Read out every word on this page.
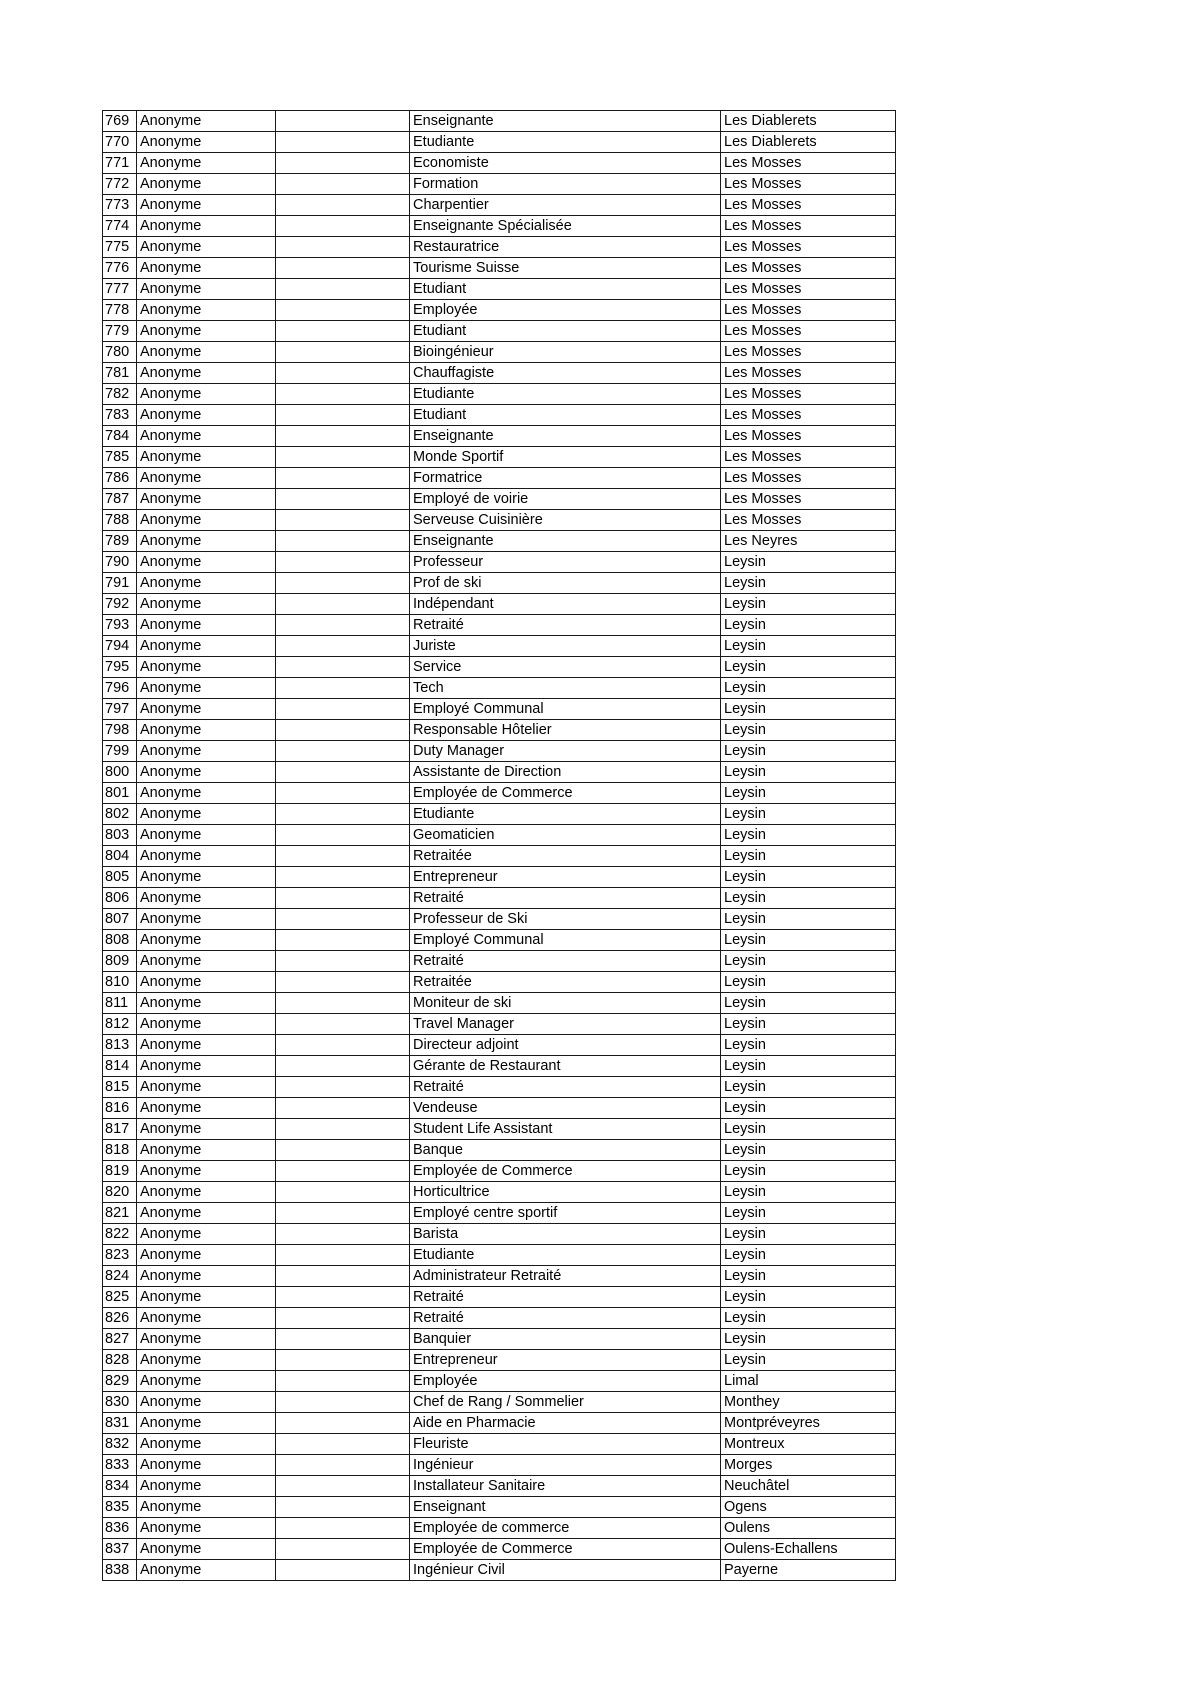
769	Anonyme		Enseignante	Les Diablerets
770	Anonyme		Etudiante	Les Diablerets
771	Anonyme		Economiste	Les Mosses
772	Anonyme		Formation	Les Mosses
773	Anonyme		Charpentier	Les Mosses
774	Anonyme		Enseignante Spécialisée	Les Mosses
775	Anonyme		Restauratrice	Les Mosses
776	Anonyme		Tourisme Suisse	Les Mosses
777	Anonyme		Etudiant	Les Mosses
778	Anonyme		Employée	Les Mosses
779	Anonyme		Etudiant	Les Mosses
780	Anonyme		Bioingénieur	Les Mosses
781	Anonyme		Chauffagiste	Les Mosses
782	Anonyme		Etudiante	Les Mosses
783	Anonyme		Etudiant	Les Mosses
784	Anonyme		Enseignante	Les Mosses
785	Anonyme		Monde Sportif	Les Mosses
786	Anonyme		Formatrice	Les Mosses
787	Anonyme		Employé de voirie	Les Mosses
788	Anonyme		Serveuse Cuisinière	Les Mosses
789	Anonyme		Enseignante	Les Neyres
790	Anonyme		Professeur	Leysin
791	Anonyme		Prof de ski	Leysin
792	Anonyme		Indépendant	Leysin
793	Anonyme		Retraité	Leysin
794	Anonyme		Juriste	Leysin
795	Anonyme		Service	Leysin
796	Anonyme		Tech	Leysin
797	Anonyme		Employé Communal	Leysin
798	Anonyme		Responsable Hôtelier	Leysin
799	Anonyme		Duty Manager	Leysin
800	Anonyme		Assistante de Direction	Leysin
801	Anonyme		Employée de Commerce	Leysin
802	Anonyme		Etudiante	Leysin
803	Anonyme		Geomaticien	Leysin
804	Anonyme		Retraitée	Leysin
805	Anonyme		Entrepreneur	Leysin
806	Anonyme		Retraité	Leysin
807	Anonyme		Professeur de Ski	Leysin
808	Anonyme		Employé Communal	Leysin
809	Anonyme		Retraité	Leysin
810	Anonyme		Retraitée	Leysin
811	Anonyme		Moniteur de ski	Leysin
812	Anonyme		Travel Manager	Leysin
813	Anonyme		Directeur adjoint	Leysin
814	Anonyme		Gérante de Restaurant	Leysin
815	Anonyme		Retraité	Leysin
816	Anonyme		Vendeuse	Leysin
817	Anonyme		Student Life Assistant	Leysin
818	Anonyme		Banque	Leysin
819	Anonyme		Employée de Commerce	Leysin
820	Anonyme		Horticultrice	Leysin
821	Anonyme		Employé centre sportif	Leysin
822	Anonyme		Barista	Leysin
823	Anonyme		Etudiante	Leysin
824	Anonyme		Administrateur Retraité	Leysin
825	Anonyme		Retraité	Leysin
826	Anonyme		Retraité	Leysin
827	Anonyme		Banquier	Leysin
828	Anonyme		Entrepreneur	Leysin
829	Anonyme		Employée	Limal
830	Anonyme		Chef de Rang / Sommelier	Monthey
831	Anonyme		Aide en Pharmacie	Montpréveyres
832	Anonyme		Fleuriste	Montreux
833	Anonyme		Ingénieur	Morges
834	Anonyme		Installateur Sanitaire	Neuchâtel
835	Anonyme		Enseignant	Ogens
836	Anonyme		Employée de commerce	Oulens
837	Anonyme		Employée de Commerce	Oulens-Echallens
838	Anonyme		Ingénieur Civil	Payerne
